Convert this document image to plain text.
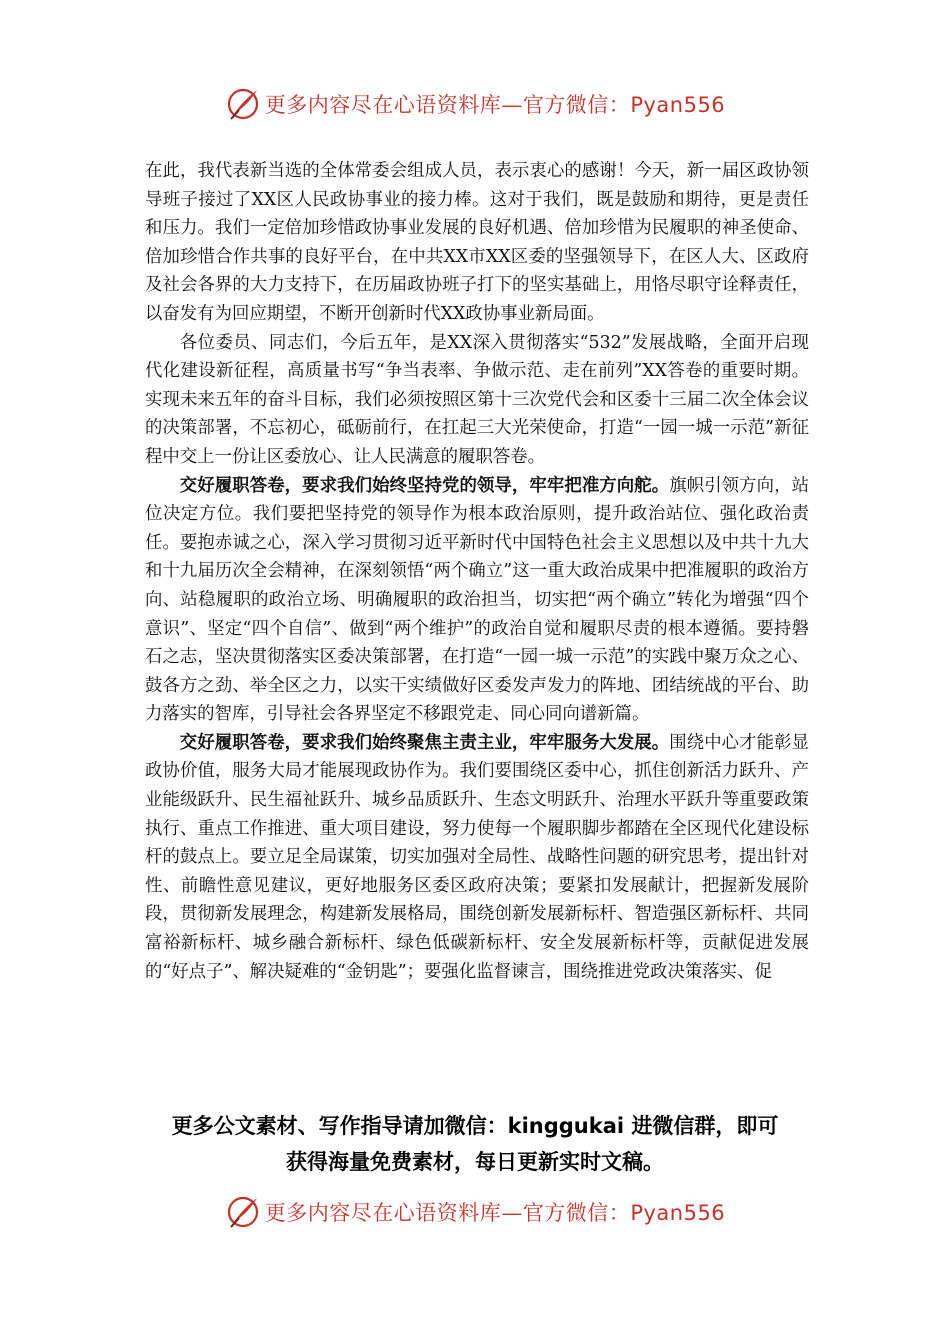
更多内容尽在心语资料库—官方微信：Pyan556

在此，我代表新当选的全体常委会组成人员，表示衷心的感谢！今天，新一届区政协领导班子接过了XX区人民政协事业的接力棒。这对于我们，既是鼓励和期待，更是责任和压力。我们一定倍加珍惜政协事业发展的良好机遇、倍加珍惜为民履职的神圣使命、倍加珍惜合作共事的良好平台，在中共XX市XX区委的坚强领导下，在区人大、区政府及社会各界的大力支持下，在历届政协班子打下的坚实基础上，用恪尽职守诠释责任，以奋发有为回应期望，不断开创新时代XX政协事业新局面。

各位委员、同志们，今后五年，是XX深入贯彻落实“532”发展战略，全面开启现代化建设新征程，高质量书写“争当表率、争做示范、走在前列”XX答卷的重要时期。实现未来五年的奋斗目标，我们必须按照区第十三次党代会和区委十三届二次全体会议的决策部署，不忘初心，砥砺前行，在扛起三大光荣使命，打造“一园一城一示范”新征程中交上一份让区委放心、让人民满意的履职答卷。

交好履职答卷，要求我们始终坚持党的领导，牢牢把准方向舵。旗帜引领方向，站位决定方位。我们要把坚持党的领导作为根本政治原则，提升政治站位、强化政治责任。要抱赤诚之心，深入学习贯彻习近平新时代中国特色社会主义思想以及中共十九大和十九届历次全会精神，在深刻领悟“两个确立”这一重大政治成果中把准履职的政治方向、站稳履职的政治立场、明确履职的政治担当，切实把“两个确立”转化为增强“四个意识”、坚定“四个自信”、做到“两个维护”的政治自觉和履职尽责的根本遵循。要持磐石之志，坚决贯彻落实区委决策部署，在打造“一园一城一示范”的实践中聚万众之心、鼓各方之劲、举全区之力，以实干实绩做好区委发声发力的阵地、团结统战的平台、助力落实的智库，引导社会各界坚定不移跟党走、同心同向谱新篇。

交好履职答卷，要求我们始终聚焦主责主业，牢牢服务大发展。围绕中心才能彰显政协价值，服务大局才能展现政协作为。我们要围绕区委中心，抓住创新活力跃升、产业能级跃升、民生福祉跃升、城乡品质跃升、生态文明跃升、治理水平跃升等重要政策执行、重点工作推进、重大项目建设，努力使每一个履职脚步都踏在全区现代化建设标杆的鼓点上。要立足全局谋策，切实加强对全局性、战略性问题的研究思考，提出针对性、前瞻性意见建议，更好地服务区委区政府决策；要紧扣发展献计，把握新发展阶段，贯彻新发展理念，构建新发展格局，围绕创新发展新标杆、智造强区新标杆、共同富裕新标杆、城乡融合新标杆、绿色低碳新标杆、安全发展新标杆等，贡献促进发展的“好点子”、解决疑难的“金钥匙”；要强化监督谏言，围绕推进党政决策落实、促

更多公文素材、写作指导请加微信：kinggukai 进微信群，即可
获得海量免费素材，每日更新实时文稿。
更多内容尽在心语资料库—官方微信：Pyan556
